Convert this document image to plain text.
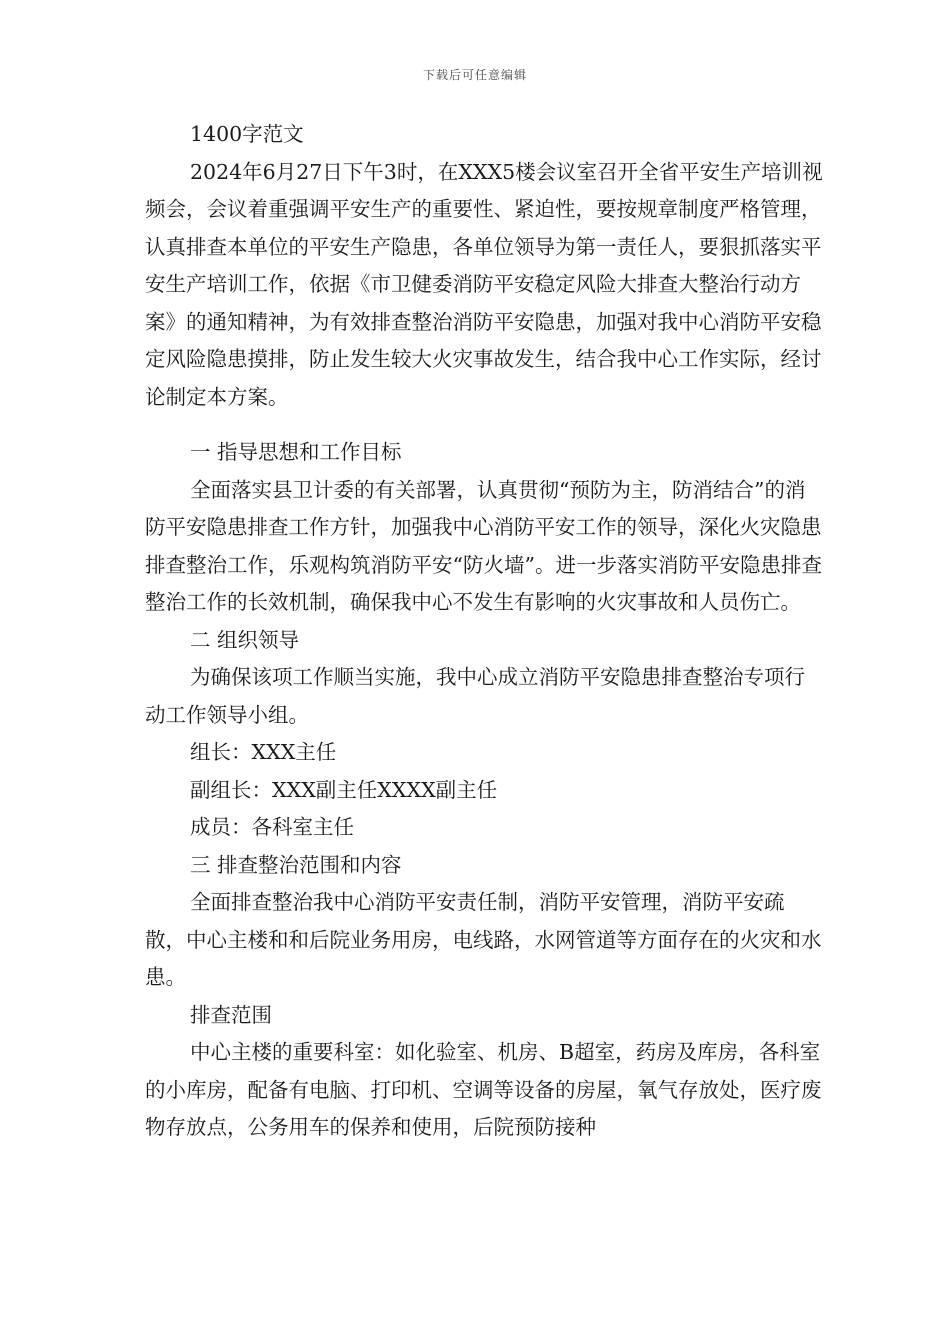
下载后可任意编辑

1400字范文

2024年6月27日下午3时，在XXX5楼会议室召开全省平安生产培训视频会，会议着重强调平安生产的重要性、紧迫性，要按规章制度严格管理，认真排查本单位的平安生产隐患，各单位领导为第一责任人，要狠抓落实平安生产培训工作，依据《市卫健委消防平安稳定风险大排查大整治行动方案》的通知精神，为有效排查整治消防平安隐患，加强对我中心消防平安稳定风险隐患摸排，防止发生较大火灾事故发生，结合我中心工作实际，经讨论制定本方案。

一 指导思想和工作目标

全面落实县卫计委的有关部署，认真贯彻“预防为主，防消结合”的消防平安隐患排查工作方针，加强我中心消防平安工作的领导，深化火灾隐患排查整治工作，乐观构筑消防平安“防火墙”。进一步落实消防平安隐患排查整治工作的长效机制，确保我中心不发生有影响的火灾事故和人员伤亡。

二 组织领导

为确保该项工作顺当实施，我中心成立消防平安隐患排查整治专项行动工作领导小组。

组长：XXX主任

副组长：XXX副主任XXXX副主任

成员：各科室主任

三 排查整治范围和内容

全面排查整治我中心消防平安责任制，消防平安管理，消防平安疏散，中心主楼和和后院业务用房，电线路，水网管道等方面存在的火灾和水患。

排查范围

中心主楼的重要科室：如化验室、机房、B超室，药房及库房，各科室的小库房，配备有电脑、打印机、空调等设备的房屋，氧气存放处，医疗废物存放点，公务用车的保养和使用，后院预防接种
